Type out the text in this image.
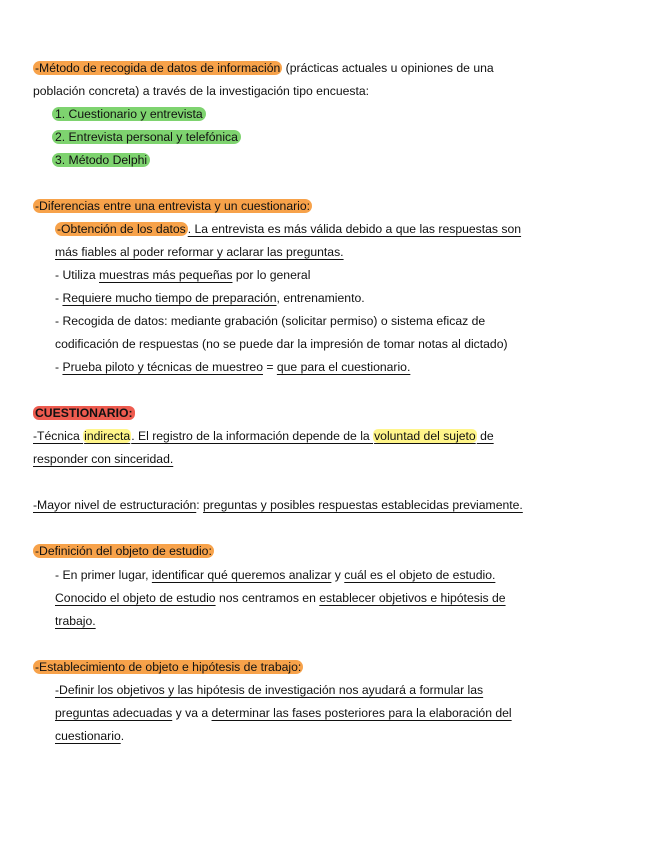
-Método de recogida de datos de información (prácticas actuales u opiniones de una
población concreta) a través de la investigación tipo encuesta:
1. Cuestionario y entrevista
2. Entrevista personal y telefónica
3. Método Delphi
-Diferencias entre una entrevista y un cuestionario:
-Obtención de los datos . La entrevista es más válida debido a que las respuestas son
más fiables al poder reformar y aclarar las preguntas.
- Utiliza muestras más pequeñas por lo general
- Requiere mucho tiempo de preparación, entrenamiento.
- Recogida de datos: mediante grabación (solicitar permiso) o sistema eficaz de
codificación de respuestas (no se puede dar la impresión de tomar notas al dictado)
- Prueba piloto y técnicas de muestreo = que para el cuestionario.
CUESTIONARIO:
-Técnica indirecta. El registro de la información depende de la voluntad del sujeto de
responder con sinceridad.
-Mayor nivel de estructuración: preguntas y posibles respuestas establecidas previamente.
-Definición del objeto de estudio:
- En primer lugar, identificar qué queremos analizar y cuál es el objeto de estudio.
Conocido el objeto de estudio nos centramos en establecer objetivos e hipótesis de
trabajo.
-Establecimiento de objeto e hipótesis de trabajo:
-Definir los objetivos y las hipótesis de investigación nos ayudará a formular las
preguntas adecuadas y va a determinar las fases posteriores para la elaboración del
cuestionario.
